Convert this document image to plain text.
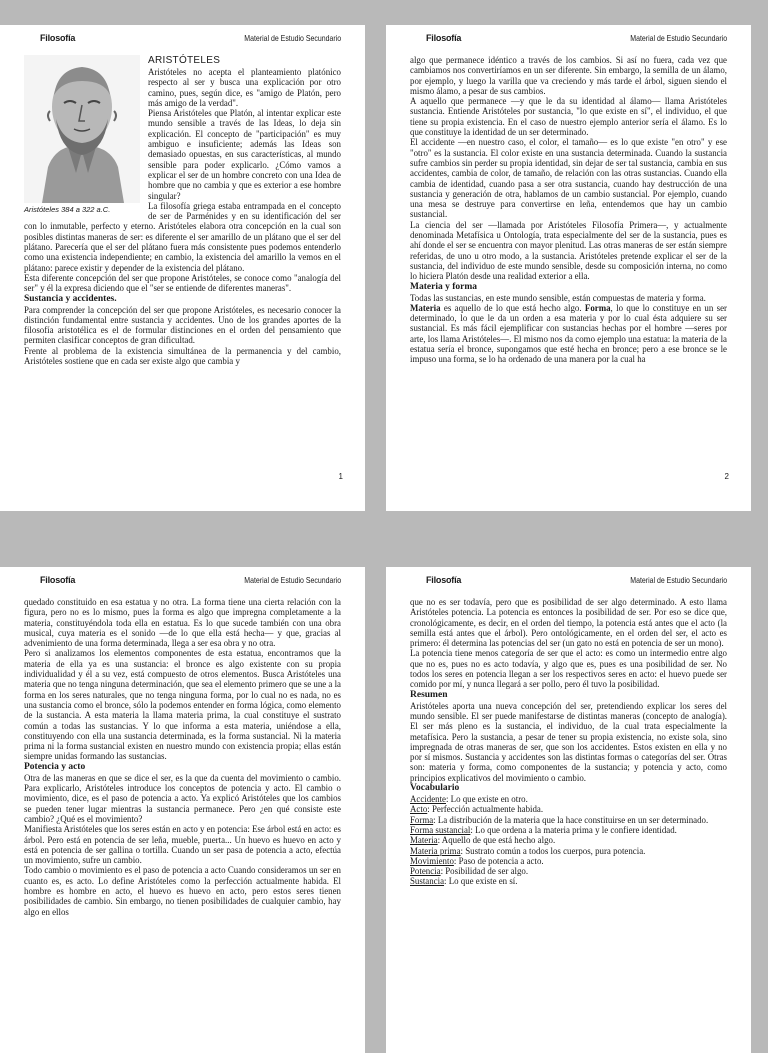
Filosofía	Material de Estudio Secundario
Aristóteles 384 a 322 a.C.
ARISTÓTELES

Aristóteles no acepta el planteamiento platónico respecto al ser y busca una explicación por otro camino, pues, según dice, es "amigo de Platón, pero más amigo de la verdad".

Piensa Aristóteles que Platón, al intentar explicar este mundo sensible a través de las Ideas, lo deja sin explicación. El concepto de "participación" es muy ambiguo e insuficiente; además las Ideas son demasiado opuestas, en sus características, al mundo sensible para poder explicarlo. ¿Cómo vamos a explicar el ser de un hombre concreto con una Idea de hombre que no cambia y que es exterior a ese hombre singular?

La filosofía griega estaba entrampada en el concepto de ser de Parménides y en su identificación del ser con lo inmutable, perfecto y eterno. Aristóteles elabora otra concepción en la cual son posibles distintas maneras de ser: es diferente el ser amarillo de un plátano que el ser del plátano. Parecería que el ser del plátano fuera más consistente pues podemos entenderlo como una existencia independiente; en cambio, la existencia del amarillo la vemos en el plátano: parece existir y depender de la existencia del plátano.

Esta diferente concepción del ser que propone Aristóteles, se conoce como "analogía del ser" y él la expresa diciendo que el "ser se entiende de diferentes maneras".

Sustancia y accidentes.

Para comprender la concepción del ser que propone Aristóteles, es necesario conocer la distinción fundamental entre sustancia y accidentes. Uno de los grandes aportes de la filosofía aristotélica es el de formular distinciones en el orden del pensamiento que permiten clasificar conceptos de gran dificultad.

Frente al problema de la existencia simultánea de la permanencia y del cambio, Aristóteles sostiene que en cada ser existe algo que cambia y

1
Filosofía	Material de Estudio Secundario

algo que permanece idéntico a través de los cambios. Si así no fuera, cada vez que cambiamos nos convertiríamos en un ser diferente. Sin embargo, la semilla de un álamo, por ejemplo, y luego la varilla que va creciendo y más tarde el árbol, siguen siendo el mismo álamo, a pesar de sus cambios.

A aquello que permanece —y que le da su identidad al álamo— llama Aristóteles sustancia. Entiende Aristóteles por sustancia, "lo que existe en sí", el individuo, el que tiene su propia existencia. En el caso de nuestro ejemplo anterior sería el álamo. Es lo que constituye la identidad de un ser determinado.

El accidente —en nuestro caso, el color, el tamaño— es lo que existe "en otro" y ese "otro" es la sustancia. El color existe en una sustancia determinada. Cuando la sustancia sufre cambios sin perder su propia identidad, sin dejar de ser tal sustancia, cambia en sus accidentes, cambia de color, de tamaño, de relación con las otras sustancias. Cuando ella cambia de identidad, cuando pasa a ser otra sustancia, cuando hay destrucción de una sustancia y generación de otra, hablamos de un cambio sustancial. Por ejemplo, cuando una mesa se destruye para convertirse en leña, entendemos que hay un cambio sustancial.

La ciencia del ser —llamada por Aristóteles Filosofía Primera—, y actualmente denominada Metafísica u Ontología, trata especialmente del ser de la sustancia, pues es ahí donde el ser se encuentra con mayor plenitud. Las otras maneras de ser están siempre referidas, de uno u otro modo, a la sustancia. Aristóteles pretende explicar el ser de la sustancia, del individuo de este mundo sensible, desde su composición interna, no como lo hiciera Platón desde una realidad exterior a ella.

Materia y forma

Todas las sustancias, en este mundo sensible, están compuestas de materia y forma.

Materia es aquello de lo que está hecho algo. Forma, lo que lo constituye en un ser determinado, lo que le da un orden a esa materia y por lo cual ésta adquiere su ser sustancial. Es más fácil ejemplificar con sustancias hechas por el hombre —seres por arte, los llama Aristóteles—. El mismo nos da como ejemplo una estatua: la materia de la estatua sería el bronce, supongamos que esté hecha en bronce; pero a ese bronce se le impuso una forma, se lo ha ordenado de una manera por la cual ha

2
Filosofía	Material de Estudio Secundario

quedado constituido en esa estatua y no otra. La forma tiene una cierta relación con la figura, pero no es lo mismo, pues la forma es algo que impregna completamente a la materia, constituyéndola toda ella en estatua. Es lo que sucede también con una obra musical, cuya materia es el sonido —de lo que ella está hecha— y que, gracias al advenimiento de una forma determinada, llega a ser esa obra y no otra.

Pero si analizamos los elementos componentes de esta estatua, encontramos que la materia de ella ya es una sustancia: el bronce es algo existente con su propia individualidad y él a su vez, está compuesto de otros elementos. Busca Aristóteles una materia que no tenga ninguna determinación, que sea el elemento primero que se une a la forma en los seres naturales, que no tenga ninguna forma, por lo cual no es nada, no es una sustancia como el bronce, sólo la podemos entender en forma lógica, como elemento de la sustancia. A esta materia la llama materia prima, la cual constituye el sustrato común a todas las sustancias. Y lo que informa a esta materia, uniéndose a ella, constituyendo con ella una sustancia determinada, es la forma sustancial. Ni la materia prima ni la forma sustancial existen en nuestro mundo con existencia propia; ellas están siempre unidas formando las sustancias.

Potencia y acto

Otra de las maneras en que se dice el ser, es la que da cuenta del movimiento o cambio. Para explicarlo, Aristóteles introduce los conceptos de potencia y acto. El cambio o movimiento, dice, es el paso de potencia a acto. Ya explicó Aristóteles que los cambios se pueden tener lugar mientras la sustancia permanece. Pero ¿en qué consiste este cambio? ¿Qué es el movimiento?

Manifiesta Aristóteles que los seres están en acto y en potencia: Ese árbol está en acto: es árbol. Pero está en potencia de ser leña, mueble, puerta... Un huevo es huevo en acto y está en potencia de ser gallina o tortilla. Cuando un ser pasa de potencia a acto, efectúa un movimiento, sufre un cambio.

Todo cambio o movimiento es el paso de potencia a acto Cuando consideramos un ser en cuanto es, es acto. Lo define Aristóteles como la perfección actualmente habida. El hombre es hombre en acto, el huevo es huevo en acto, pero estos seres tienen posibilidades de cambio. Sin embargo, no tienen posibilidades de cualquier cambio, hay algo en ellos

Filosofía	Material de Estudio Secundario

que no es ser todavía, pero que es posibilidad de ser algo determinado. A esto llama Aristóteles potencia. La potencia es entonces la posibilidad de ser. Por eso se dice que, cronológicamente, es decir, en el orden del tiempo, la potencia está antes que el acto (la semilla está antes que el árbol). Pero ontológicamente, en el orden del ser, el acto es primero: él determina las potencias del ser (un gato no está en potencia de ser un mono).

La potencia tiene menos categoría de ser que el acto: es como un intermedio entre algo que no es, pues no es acto todavía, y algo que es, pues es una posibilidad de ser. No todos los seres en potencia llegan a ser los respectivos seres en acto: el huevo puede ser comido por mí, y nunca llegará a ser pollo, pero él tuvo la posibilidad.

Resumen

Aristóteles aporta una nueva concepción del ser, pretendiendo explicar los seres del mundo sensible. El ser puede manifestarse de distintas maneras (concepto de analogía). El ser más pleno es la sustancia, el individuo, de la cual trata especialmente la metafísica. Pero la sustancia, a pesar de tener su propia existencia, no existe sola, sino impregnada de otras maneras de ser, que son los accidentes. Estos existen en ella y no por sí mismos. Sustancia y accidentes son las distintas formas o categorías del ser. Otras son: materia y forma, como componentes de la sustancia; y potencia y acto, como principios explicativos del movimiento o cambio.

Vocabulario

Accidente: Lo que existe en otro.

Acto: Perfección actualmente habida.

Forma: La distribución de la materia que la hace constituirse en un ser determinado.

Forma sustancial: Lo que ordena a la materia prima y le confiere identidad.

Materia: Aquello de que está hecho algo.

Materia prima: Sustrato común a todos los cuerpos, pura potencia.

Movimiento: Paso de potencia a acto.

Potencia: Posibilidad de ser algo.

Sustancia: Lo que existe en sí.
